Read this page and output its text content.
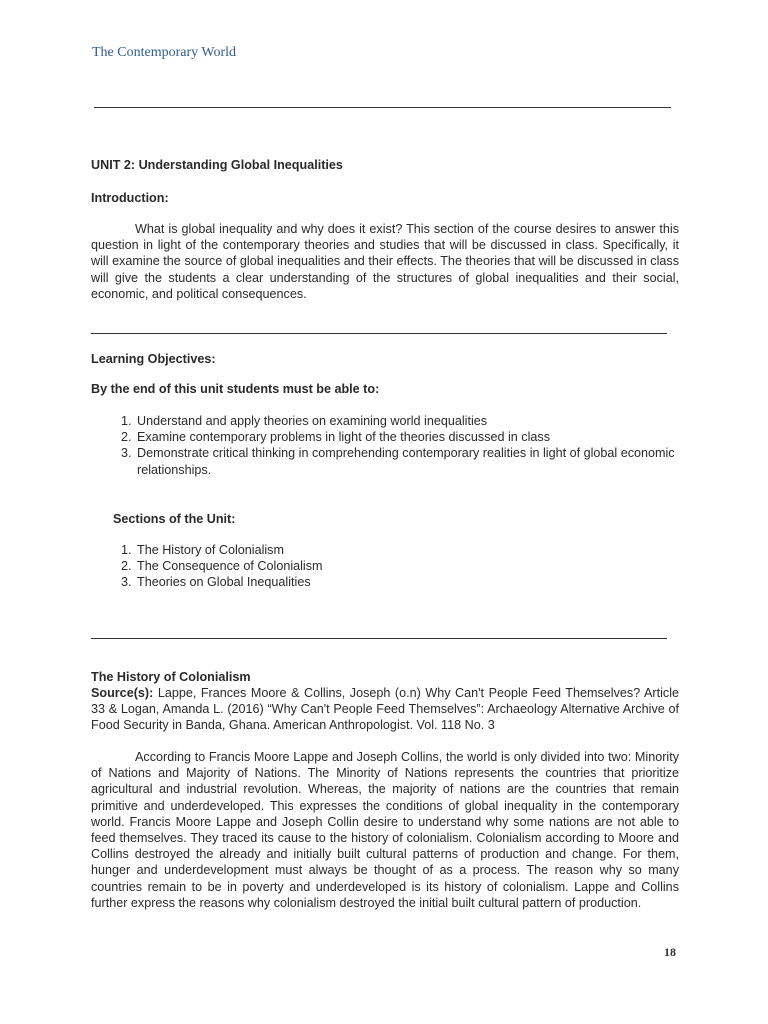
The Contemporary World
UNIT 2: Understanding Global Inequalities
Introduction:
What is global inequality and why does it exist? This section of the course desires to answer this question in light of the contemporary theories and studies that will be discussed in class. Specifically, it will examine the source of global inequalities and their effects. The theories that will be discussed in class will give the students a clear understanding of the structures of global inequalities and their social, economic, and political consequences.
Learning Objectives:
By the end of this unit students must be able to:
1. Understand and apply theories on examining world inequalities
2. Examine contemporary problems in light of the theories discussed in class
3. Demonstrate critical thinking in comprehending contemporary realities in light of global economic relationships.
Sections of the Unit:
1. The History of Colonialism
2. The Consequence of Colonialism
3. Theories on Global Inequalities
The History of Colonialism
Source(s): Lappe, Frances Moore & Collins, Joseph (o.n) Why Can't People Feed Themselves? Article 33 & Logan, Amanda L. (2016) “Why Can't People Feed Themselves”: Archaeology Alternative Archive of Food Security in Banda, Ghana. American Anthropologist. Vol. 118 No. 3
According to Francis Moore Lappe and Joseph Collins, the world is only divided into two: Minority of Nations and Majority of Nations. The Minority of Nations represents the countries that prioritize agricultural and industrial revolution. Whereas, the majority of nations are the countries that remain primitive and underdeveloped. This expresses the conditions of global inequality in the contemporary world. Francis Moore Lappe and Joseph Collin desire to understand why some nations are not able to feed themselves. They traced its cause to the history of colonialism. Colonialism according to Moore and Collins destroyed the already and initially built cultural patterns of production and change. For them, hunger and underdevelopment must always be thought of as a process. The reason why so many countries remain to be in poverty and underdeveloped is its history of colonialism. Lappe and Collins further express the reasons why colonialism destroyed the initial built cultural pattern of production.
18
